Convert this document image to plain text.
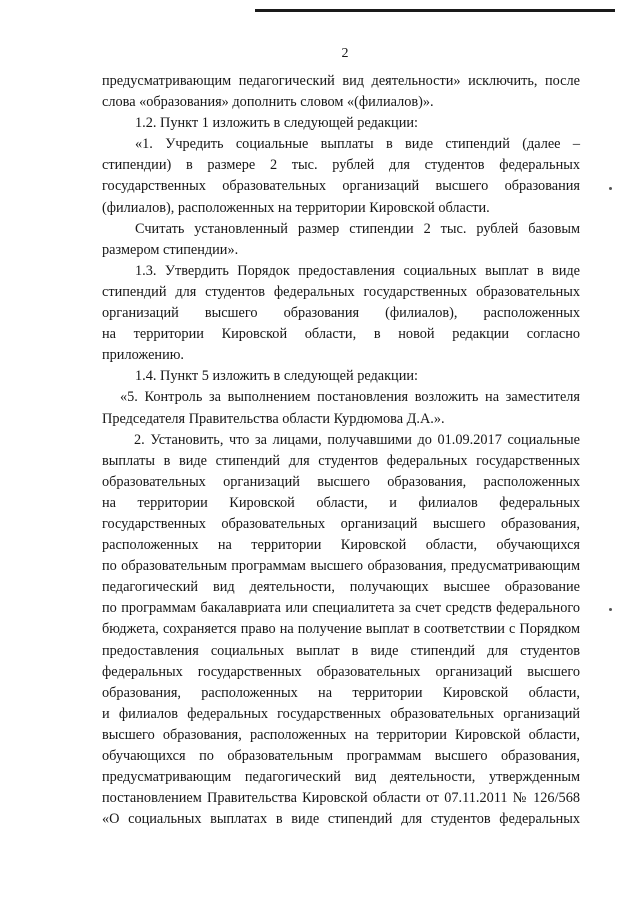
2
предусматривающим педагогический вид деятельности» исключить, после
слова «образования» дополнить словом «(филиалов)».
1.2. Пункт 1 изложить в следующей редакции:
«1. Учредить социальные выплаты в виде стипендий (далее –
стипендии) в размере 2 тыс. рублей для студентов федеральных
государственных образовательных организаций высшего образования
(филиалов), расположенных на территории Кировской области.
Считать установленный размер стипендии 2 тыс. рублей базовым
размером стипендии».
1.3. Утвердить Порядок предоставления социальных выплат в виде
стипендий для студентов федеральных государственных образовательных
организаций высшего образования (филиалов), расположенных
на территории Кировской области, в новой редакции согласно
приложению.
1.4. Пункт 5 изложить в следующей редакции:
«5. Контроль за выполнением постановления возложить на заместителя
Председателя Правительства области Курдюмова Д.А.».
2. Установить, что за лицами, получавшими до 01.09.2017 социальные
выплаты в виде стипендий для студентов федеральных государственных
образовательных организаций высшего образования, расположенных
на территории Кировской области, и филиалов федеральных
государственных образовательных организаций высшего образования,
расположенных на территории Кировской области, обучающихся
по образовательным программам высшего образования, предусматривающим
педагогический вид деятельности, получающих высшее образование
по программам бакалавриата или специалитета за счет средств федерального
бюджета, сохраняется право на получение выплат в соответствии с Порядком
предоставления социальных выплат в виде стипендий для студентов
федеральных государственных образовательных организаций высшего
образования, расположенных на территории Кировской области,
и филиалов федеральных государственных образовательных организаций
высшего образования, расположенных на территории Кировской области,
обучающихся по образовательным программам высшего образования,
предусматривающим педагогический вид деятельности, утвержденным
постановлением Правительства Кировской области от 07.11.2011 № 126/568
«О социальных выплатах в виде стипендий для студентов федеральных
